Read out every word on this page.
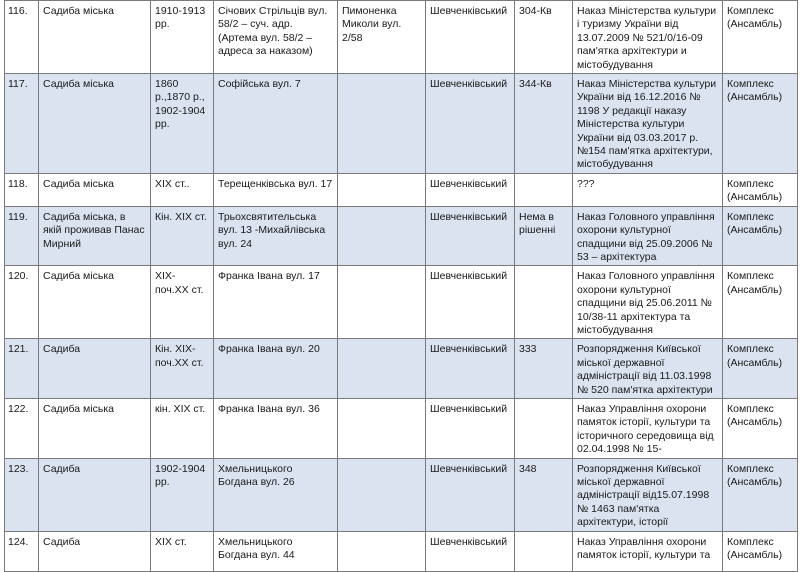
116.	Садиба міська	1910-1913 рр.	Січових Стрільців вул. 58/2 – суч. адр. (Артема вул. 58/2 – адреса за наказом)	Пимоненка Миколи вул. 2/58	Шевченківський	304-Кв	Наказ Міністерства культури і туризму України від 13.07.2009 № 521/0/16-09 пам'ятка архітектури и містобудування	Комплекс (Ансамбль)
117.	Садиба міська	1860 р.,1870 р., 1902-1904 рр.	Софійська вул. 7		Шевченківський	344-Кв	Наказ Міністерства культури України від 16.12.2016 № 1198 У редакції наказу Міністерства культури України від 03.03.2017 р. №154 пам'ятка архітектури, містобудування	Комплекс (Ансамбль)
118.	Садиба міська	ХІХ ст..	Терещенківська вул. 17		Шевченківський		???	Комплекс (Ансамбль)
119.	Садиба міська, в якій проживав Панас Мирний	Кін. ХІХ ст.	Трьохсвятительська вул. 13 -Михайлівська вул. 24		Шевченківський	Нема в рішенні	Наказ Головного управління охорони культурної спадщини від 25.09.2006 № 53 – архітектура	Комплекс (Ансамбль)
120.	Садиба міська	ХІХ-поч.ХХ ст.	Франка Івана вул. 17		Шевченківський		Наказ Головного управління охорони культурної спадщини від 25.06.2011 № 10/38-11 архітектура та містобудування	Комплекс (Ансамбль)
121.	Садиба	Кін. ХІХ-поч.ХХ ст.	Франка Івана вул. 20		Шевченківський	333	Розпорядження Київської міської державної адміністрації від 11.03.1998 № 520 пам'ятка архітектури	Комплекс (Ансамбль)
122.	Садиба міська	кін. ХІХ ст.	Франка Івана вул. 36		Шевченківський		Наказ Управління охорони памяток історії, культури та історичного середовища від 02.04.1998 № 15-	Комплекс (Ансамбль)
123.	Садиба	1902-1904 рр.	Хмельницького Богдана вул. 26		Шевченківський	348	Розпорядження Київської міської державної адміністрації від15.07.1998 № 1463 пам'ятка архітектури, історії	Комплекс (Ансамбль)
124.	Садиба	ХІХ ст.	Хмельницького Богдана вул. 44		Шевченківський		Наказ Управління охорони памяток історії, культури та	Комплекс (Ансамбль)
